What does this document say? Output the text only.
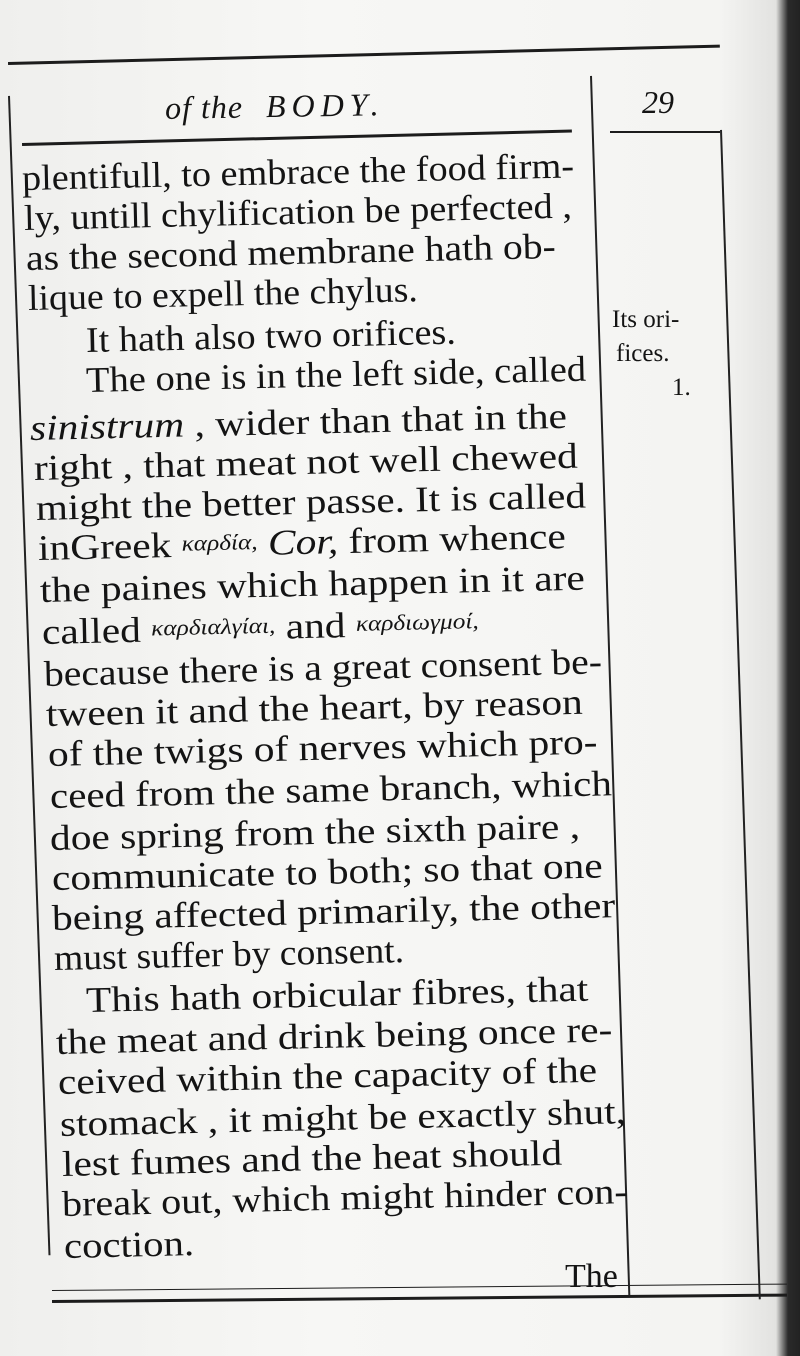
of the BODY.	29
plentifull, to embrace the food firm-
ly, untill chylification be perfected ,
as the second membrane hath ob-
lique to expell the chylus.
It hath also two orifices.
The one is in the left side, called
sinistrum , wider than that in the
right , that meat not well chewed
might the better passe. It is called
inGreek καρδία, Cor, from whence
the paines which happen in it are
called καρδιαλγίαι, and καρδιωγμοί,
because there is a great consent be-
tween it and the heart, by reason
of the twigs of nerves which pro-
ceed from the same branch, which
doe spring from the sixth paire ,
communicate to both; so that one
being affected primarily, the other
must suffer by consent.
This hath orbicular fibres, that
the meat and drink being once re-
ceived within the capacity of the
stomack , it might be exactly shut,
lest fumes and the heat should
break out, which might hinder con-
coction.
Its ori-
fices.
1.
The
